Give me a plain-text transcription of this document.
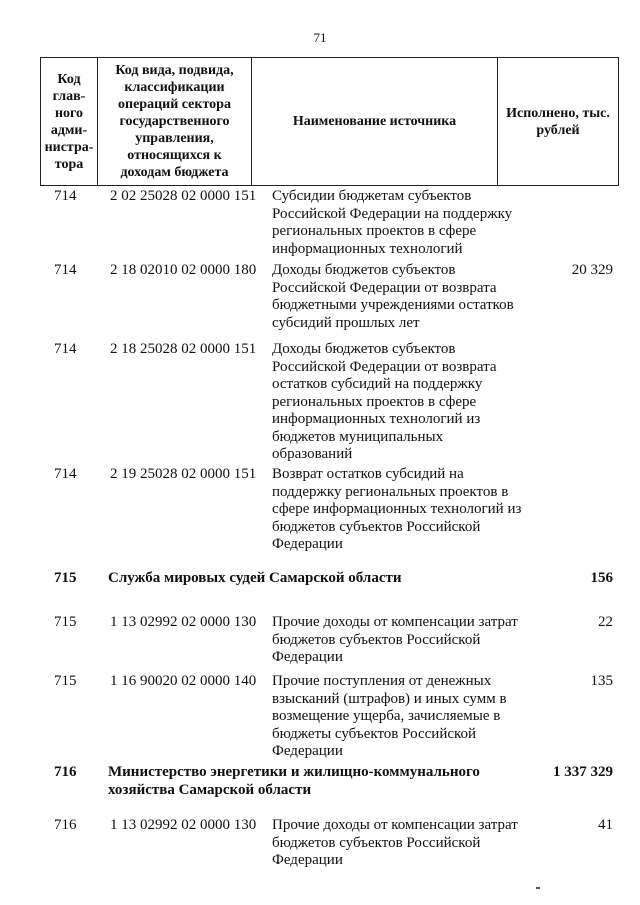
71
Код глав-ного адми-нистра-тора
Код вида, подвида, классификации операций сектора государственного управления, относящихся к доходам бюджета
Наименование источника
Исполнено, тыс. рублей
714 2 02 25028 02 0000 151 Субсидии бюджетам субъектов Российской Федерации на поддержку региональных проектов в сфере информационных технологий
714 2 18 02010 02 0000 180 Доходы бюджетов субъектов Российской Федерации от возврата бюджетными учреждениями остатков субсидий прошлых лет
20 329
714 2 18 25028 02 0000 151 Доходы бюджетов субъектов Российской Федерации от возврата остатков субсидий на поддержку региональных проектов в сфере информационных технологий из бюджетов муниципальных образований
714 2 19 25028 02 0000 151 Возврат остатков субсидий на поддержку региональных проектов в сфере информационных технологий из бюджетов субъектов Российской Федерации
715 Служба мировых судей Самарской области	156
715 1 13 02992 02 0000 130 Прочие доходы от компенсации затрат бюджетов субъектов Российской Федерации
22
715 1 16 90020 02 0000 140 Прочие поступления от денежных взысканий (штрафов) и иных сумм в возмещение ущерба, зачисляемые в бюджеты субъектов Российской Федерации
135
716 Министерство энергетики и жилищно-коммунального хозяйства Самарской области
1 337 329
716 1 13 02992 02 0000 130 Прочие доходы от компенсации затрат бюджетов субъектов Российской Федерации
41
